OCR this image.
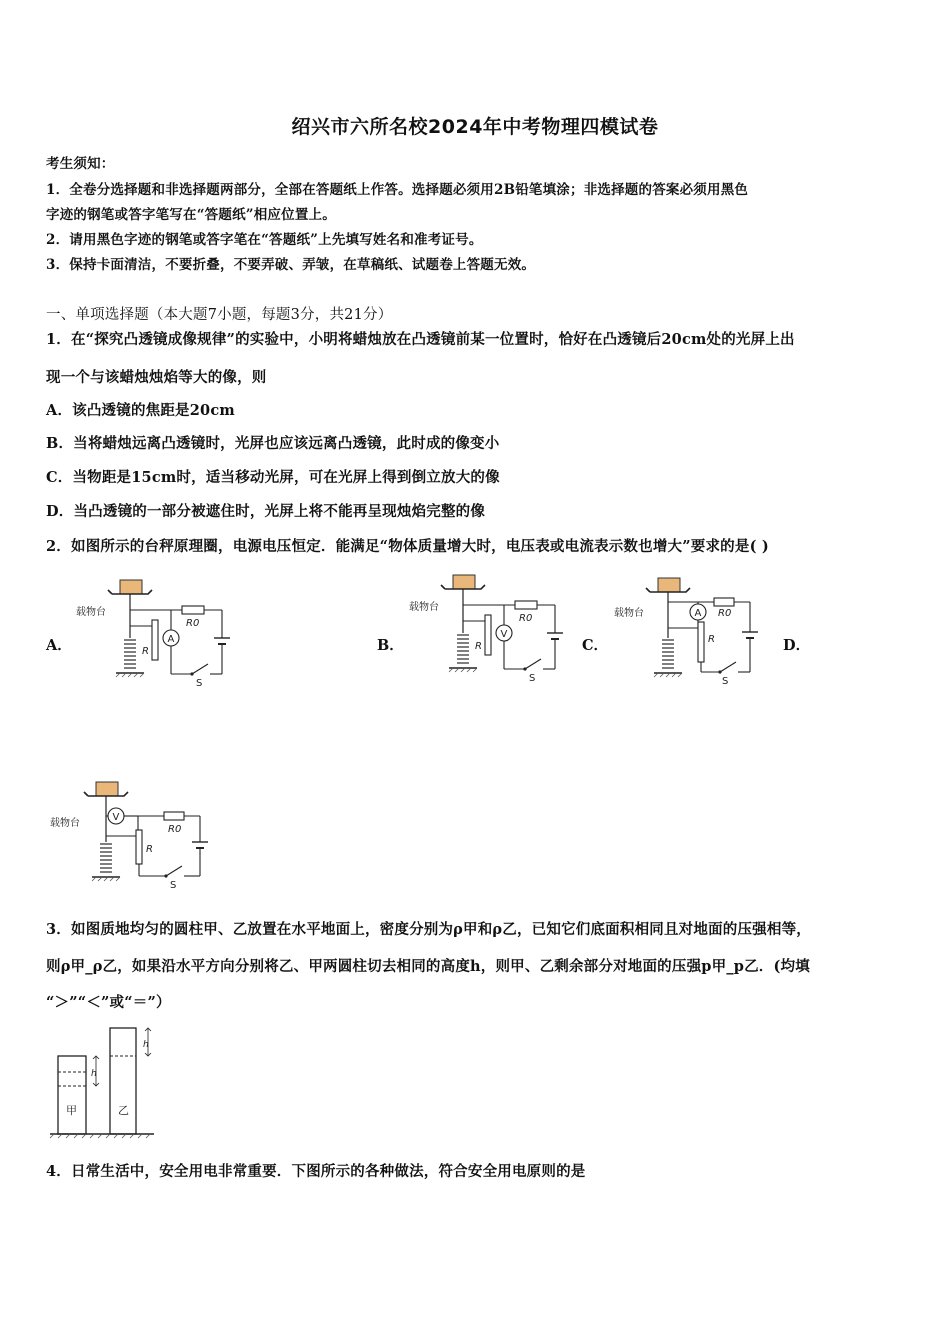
绍兴市六所名校2024年中考物理四模试卷
考生须知：
1．全卷分选择题和非选择题两部分，全部在答题纸上作答。选择题必须用2B铅笔填涂；非选择题的答案必须用黑色
字迹的钢笔或答字笔写在“答题纸”相应位置上。
2．请用黑色字迹的钢笔或答字笔在“答题纸”上先填写姓名和准考证号。
3．保持卡面清洁，不要折叠，不要弄破、弄皱，在草稿纸、试题卷上答题无效。
一、单项选择题（本大题7小题，每题3分，共21分）
1．在“探究凸透镜成像规律”的实验中，小明将蜡烛放在凸透镜前某一位置时，恰好在凸透镜后20cm处的光屏上出
现一个与该蜡烛烛焰等大的像，则
A．该凸透镜的焦距是20cm
B．当将蜡烛远离凸透镜时，光屏也应该远离凸透镜，此时成的像变小
C．当物距是15cm时，适当移动光屏，可在光屏上得到倒立放大的像
D．当凸透镜的一部分被遮住时，光屏上将不能再呈现烛焰完整的像
2．如图所示的台秤原理圈，电源电压恒定．能满足“物体质量增大时，电压表或电流表示数也增大”要求的是( )
A．	B．	C．	D．
载物台
R
A
R0
S
载物台
R
V
R0
S
载物台	A
R
R0
S
载物台
V
R
R0
S
3．如图质地均匀的圆柱甲、乙放置在水平地面上，密度分别为ρ甲和ρ乙，已知它们底面积相同且对地面的压强相等，
则ρ甲_ρ乙，如果沿水平方向分别将乙、甲两圆柱切去相同的高度h，则甲、乙剩余部分对地面的压强p甲_p乙．(均填
“＞”“＜”或“＝”）
h
甲
h
乙
4．日常生活中，安全用电非常重要．下图所示的各种做法，符合安全用电原则的是
